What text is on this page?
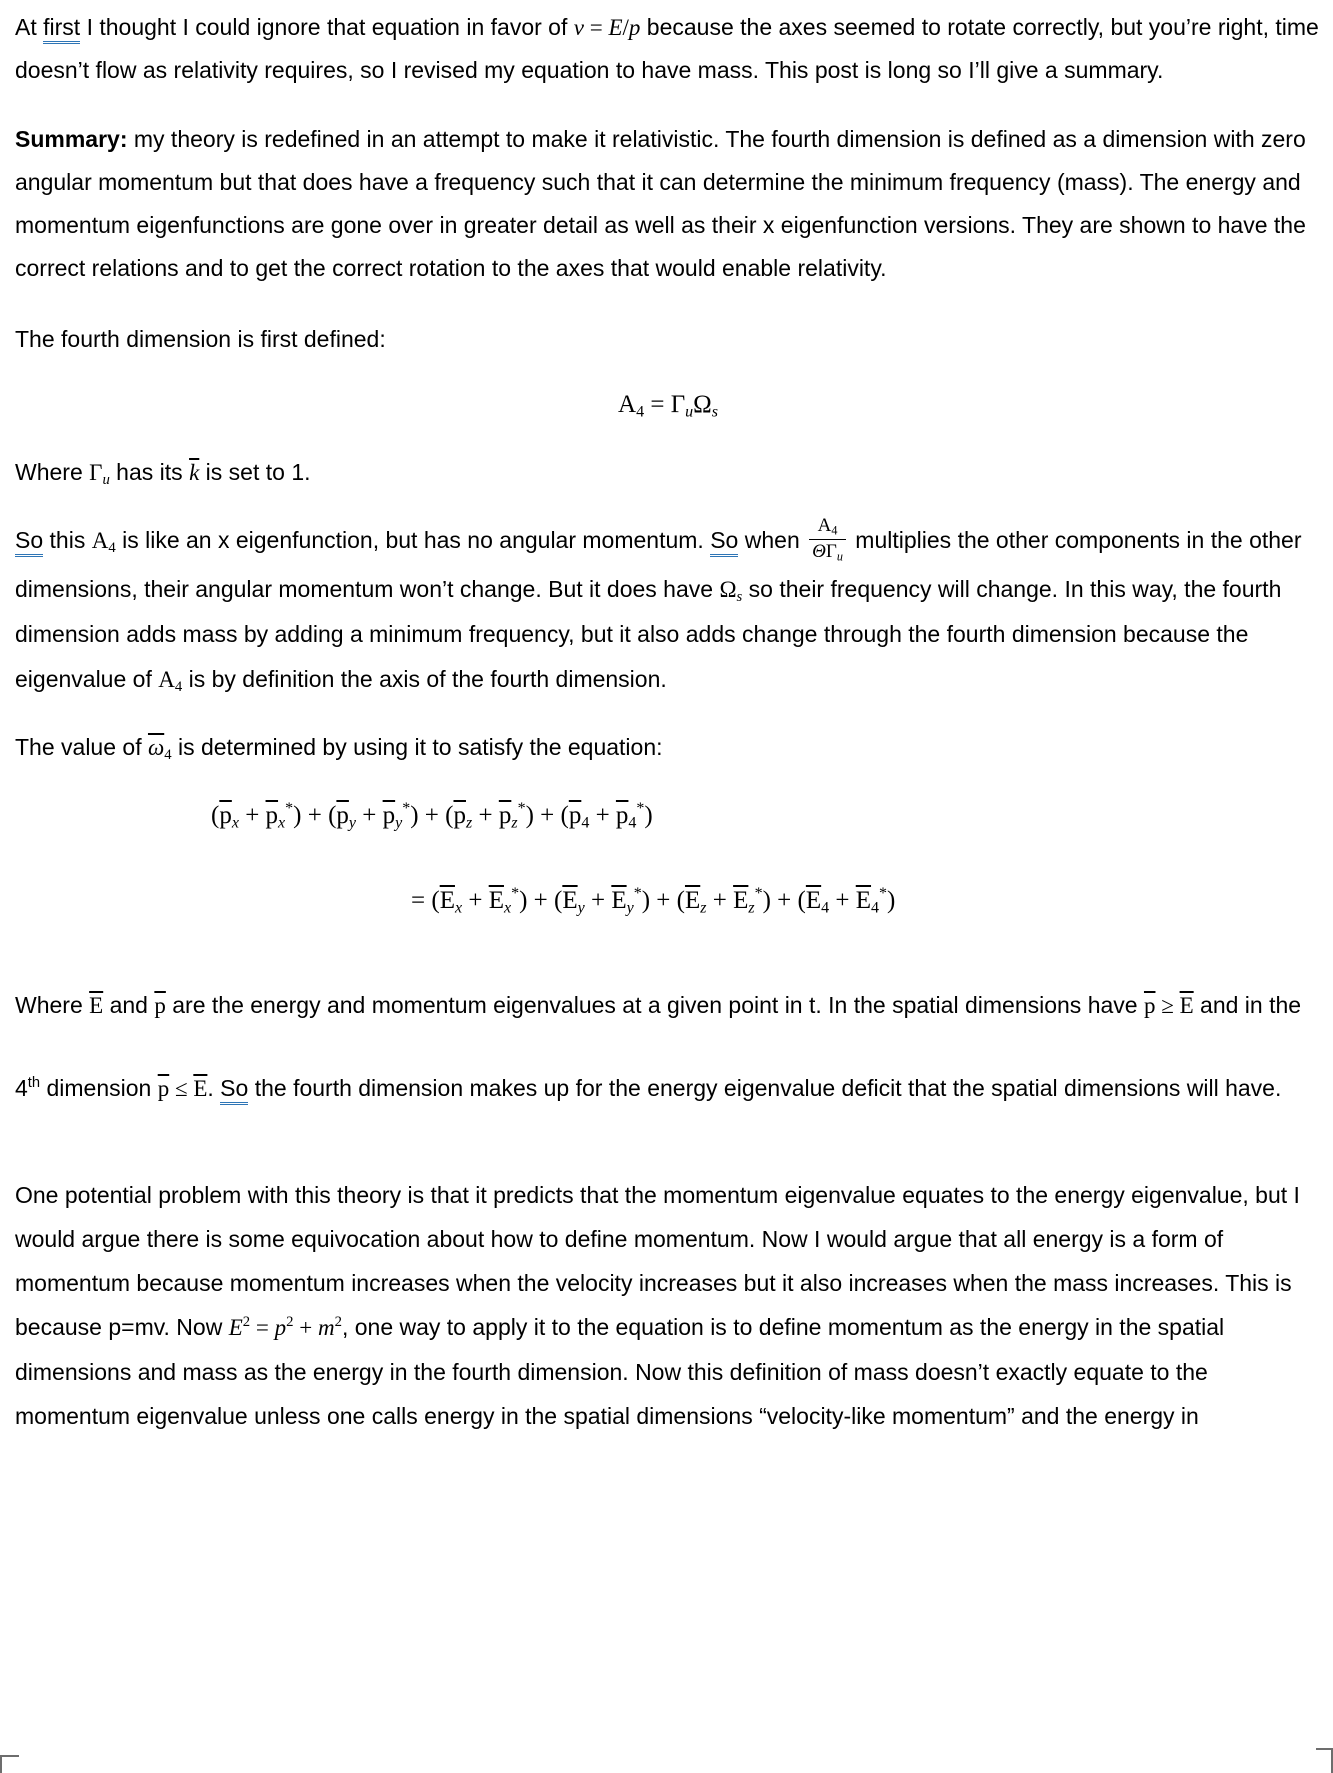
At first I thought I could ignore that equation in favor of v = E/p because the axes seemed to rotate correctly, but you’re right, time doesn’t flow as relativity requires, so I revised my equation to have mass. This post is long so I’ll give a summary.

Summary: my theory is redefined in an attempt to make it relativistic. The fourth dimension is defined as a dimension with zero angular momentum but that does have a frequency such that it can determine the minimum frequency (mass). The energy and momentum eigenfunctions are gone over in greater detail as well as their x eigenfunction versions. They are shown to have the correct relations and to get the correct rotation to the axes that would enable relativity.

The fourth dimension is first defined:

$A_4 = \Gamma_u\Omega_s$

Where $\Gamma_u$ has its $\overline{k}$ is set to 1.

So this $A_4$ is like an x eigenfunction, but has no angular momentum. So when $\frac{A_4}{\Theta\Gamma_u}$ multiplies the other components in the other dimensions, their angular momentum won’t change. But it does have $\Omega_s$ so their frequency will change. In this way, the fourth dimension adds mass by adding a minimum frequency, but it also adds change through the fourth dimension because the eigenvalue of $A_4$ is by definition the axis of the fourth dimension.

The value of $\overline{\omega}_4$ is determined by using it to satisfy the equation:

$(\overline{p}_x + \overline{p}_x^*) + (\overline{p}_y + \overline{p}_y^*) + (\overline{p}_z + \overline{p}_z^*) + (\overline{p}_4 + \overline{p}_4^*)$
= $(\overline{E}_x + \overline{E}_x^*) + (\overline{E}_y + \overline{E}_y^*) + (\overline{E}_z + \overline{E}_z^*) + (\overline{E}_4 + \overline{E}_4^*)$

Where $\overline{E}$ and $\overline{p}$ are the energy and momentum eigenvalues at a given point in t. In the spatial dimensions have $\overline{p} \ge \overline{E}$ and in the 4th dimension $\overline{p} \le \overline{E}$. So the fourth dimension makes up for the energy eigenvalue deficit that the spatial dimensions will have.

One potential problem with this theory is that it predicts that the momentum eigenvalue equates to the energy eigenvalue, but I would argue there is some equivocation about how to define momentum. Now I would argue that all energy is a form of momentum because momentum increases when the velocity increases but it also increases when the mass increases. This is because p=mv. Now $E^2 = p^2 + m^2$, one way to apply it to the equation is to define momentum as the energy in the spatial dimensions and mass as the energy in the fourth dimension. Now this definition of mass doesn’t exactly equate to the momentum eigenvalue unless one calls energy in the spatial dimensions “velocity-like momentum” and the energy in
